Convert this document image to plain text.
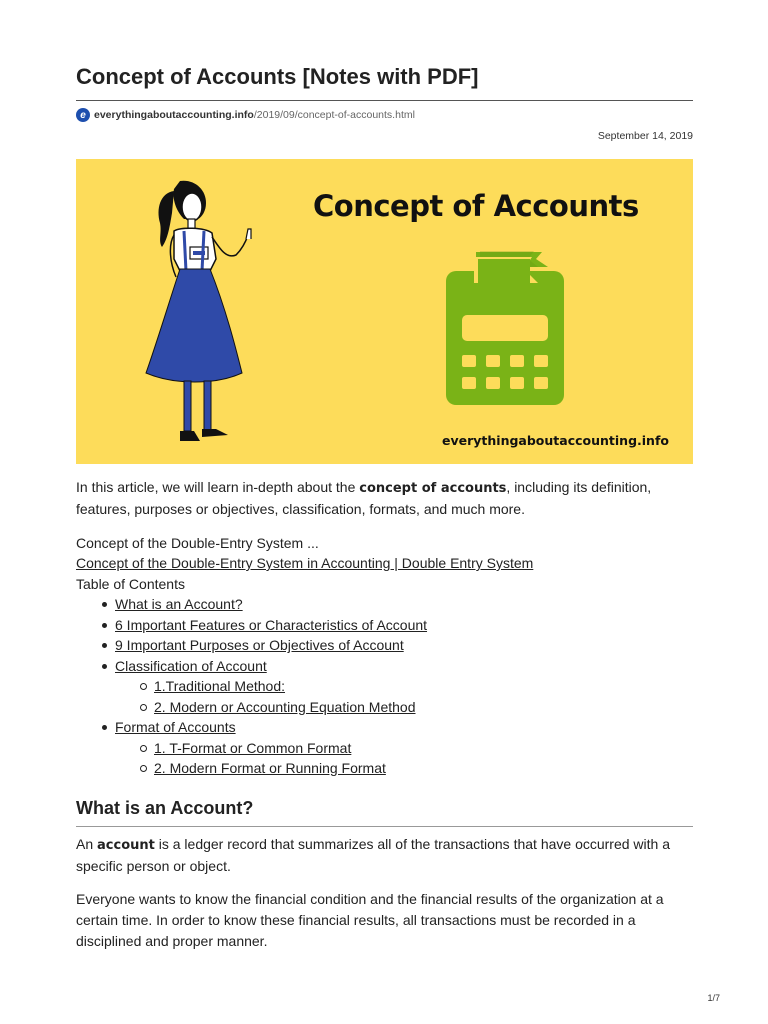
Concept of Accounts [Notes with PDF]
e everythingaboutaccounting.info /2019/09/concept-of-accounts.html
September 14, 2019
Concept of Accounts
everythingaboutaccounting.info

In this article, we will learn in-depth about the concept of accounts, including its definition, features, purposes or objectives, classification, formats, and much more.

Concept of the Double-Entry System ...
Concept of the Double-Entry System in Accounting | Double Entry System
Table of Contents
What is an Account?
6 Important Features or Characteristics of Account
9 Important Purposes or Objectives of Account
Classification of Account
1.Traditional Method:
2. Modern or Accounting Equation Method
Format of Accounts
1. T-Format or Common Format
2. Modern Format or Running Format
What is an Account?

An account is a ledger record that summarizes all of the transactions that have occurred with a specific person or object.

Everyone wants to know the financial condition and the financial results of the organization at a certain time. In order to know these financial results, all transactions must be recorded in a disciplined and proper manner.

1/7
